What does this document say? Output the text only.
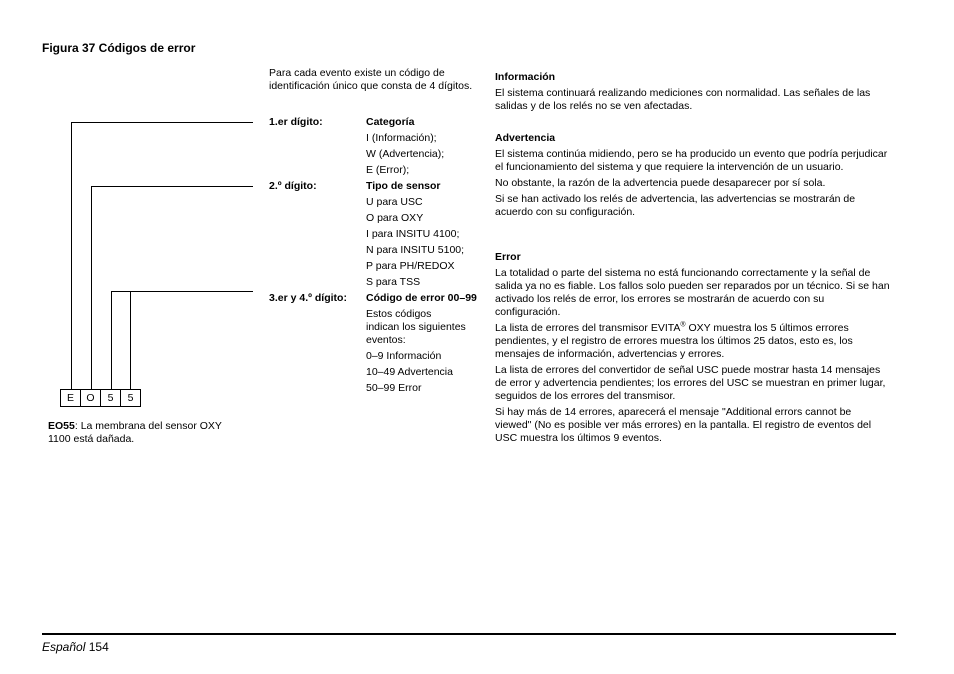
Figura 37 Códigos de error
Para cada evento existe un código de identificación único que consta de 4 dígitos.
E	O	5	5
EO55: La membrana del sensor OXY 1100 está dañada.
1.er dígito:	Categoría
I (Información);
W (Advertencia);
E (Error);
2.º dígito:	Tipo de sensor
U para USC
O para OXY
I para INSITU 4100;
N para INSITU 5100;
P para PH/REDOX
S para TSS
3.er y 4.º dígito: Código de error 00–99
Estos códigos
indican los siguientes
eventos:
0–9 Información
10–49 Advertencia
50–99 Error

Información

El sistema continuará realizando mediciones con normalidad. Las señales de las salidas y de los relés no se ven afectadas.

Advertencia

El sistema continúa midiendo, pero se ha producido un evento que podría perjudicar el funcionamiento del sistema y que requiere la intervención de un usuario.

No obstante, la razón de la advertencia puede desaparecer por sí sola.

Si se han activado los relés de advertencia, las advertencias se mostrarán de acuerdo con su configuración.

Error

La totalidad o parte del sistema no está funcionando correctamente y la señal de salida ya no es fiable. Los fallos solo pueden ser reparados por un técnico. Si se han activado los relés de error, los errores se mostrarán de acuerdo con su configuración.

La lista de errores del transmisor EVITA® OXY muestra los 5 últimos errores pendientes, y el registro de errores muestra los últimos 25 datos, esto es, los mensajes de información, advertencias y errores.

La lista de errores del convertidor de señal USC puede mostrar hasta 14 mensajes de error y advertencia pendientes; los errores del USC se muestran en primer lugar, seguidos de los errores del transmisor.

Si hay más de 14 errores, aparecerá el mensaje "Additional errors cannot be viewed" (No es posible ver más errores) en la pantalla. El registro de eventos del USC muestra los últimos 9 eventos.

Español 154
